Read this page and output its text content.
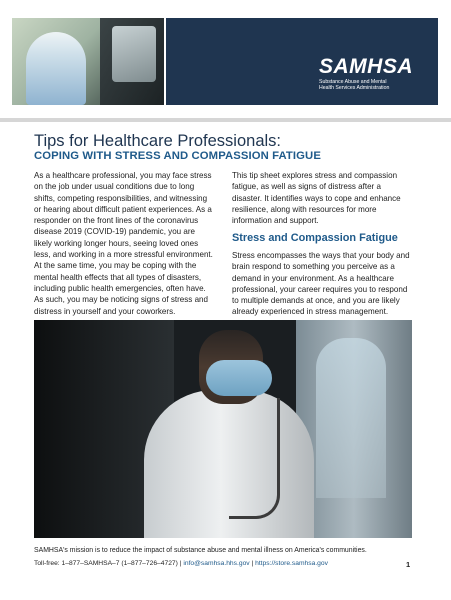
SAMHSA
Substance Abuse and Mental Health Services Administration
Tips for Healthcare Professionals:
COPING WITH STRESS AND COMPASSION FATIGUE

As a healthcare professional, you may face stress on the job under usual conditions due to long shifts, competing responsibilities, and witnessing or hearing about difficult patient experiences. As a responder on the front lines of the coronavirus disease 2019 (COVID-19) pandemic, you are likely working longer hours, seeing loved ones less, and working in a more stressful environment. At the same time, you may be coping with the mental health effects that all types of disasters, including public health emergencies, often have. As such, you may be noticing signs of stress and distress in yourself and your coworkers.

This tip sheet explores stress and compassion fatigue, as well as signs of distress after a disaster. It identifies ways to cope and enhance resilience, along with resources for more information and support.

Stress and Compassion Fatigue

Stress encompasses the ways that your body and brain respond to something you perceive as a demand in your environment. As a healthcare professional, your career requires you to respond to multiple demands at once, and you are likely already experienced in stress management.

SAMHSA's mission is to reduce the impact of substance abuse and mental illness on America's communities.

Toll-free: 1–877–SAMHSA–7 (1–877–726–4727) | info@samhsa.hhs.gov | https://store.samhsa.gov	1
